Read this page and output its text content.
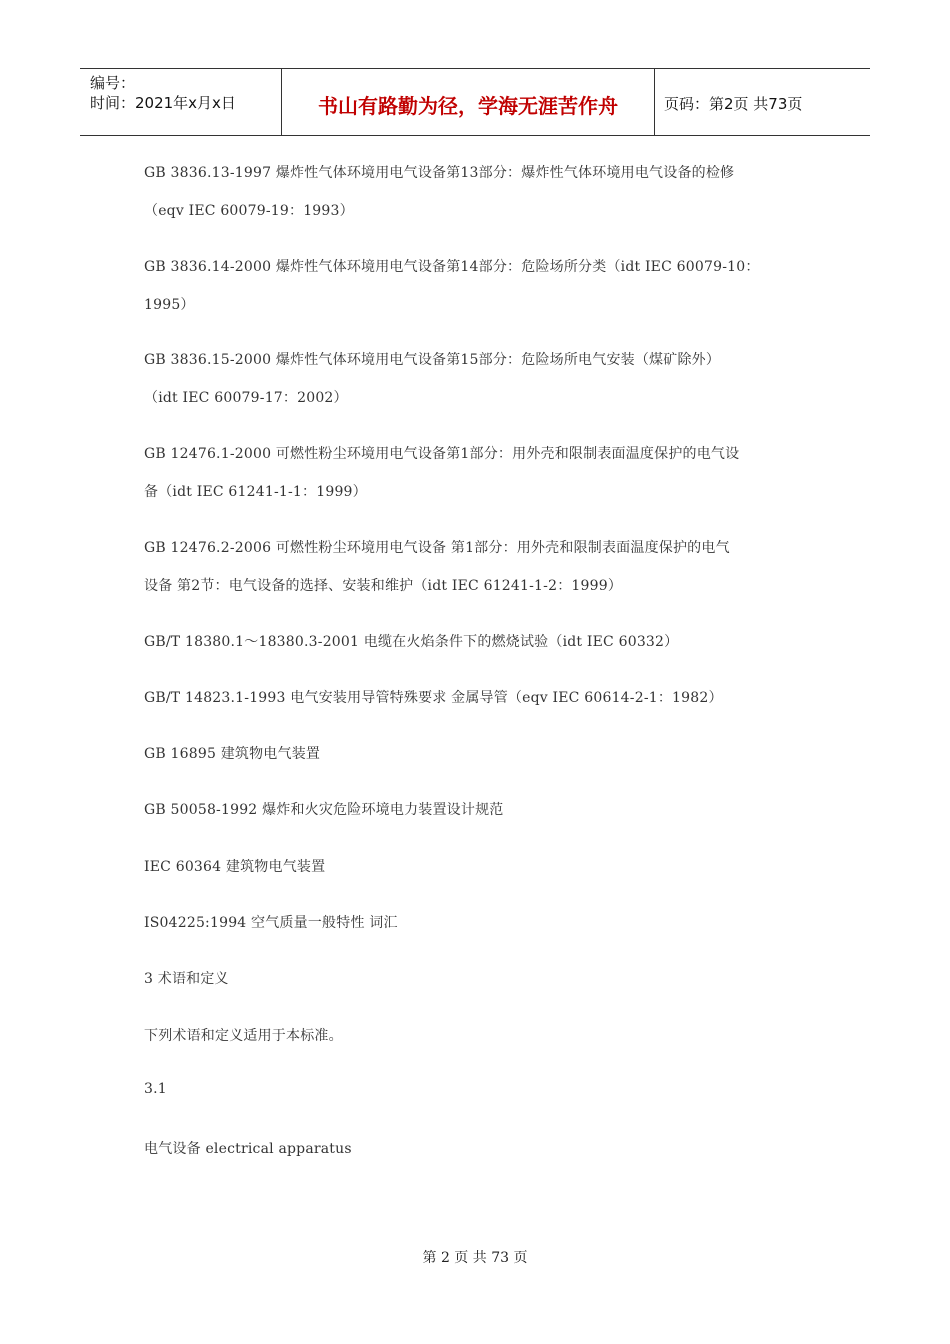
编号：
时间：2021年x月x日	书山有路勤为径，学海无涯苦作舟	页码：第2页 共73页
GB 3836.13-1997 爆炸性气体环境用电气设备第13部分：爆炸性气体环境用电气设备的检修
（eqv IEC 60079-19：1993）
GB 3836.14-2000 爆炸性气体环境用电气设备第14部分：危险场所分类（idt IEC 60079-10：
1995）
GB 3836.15-2000 爆炸性气体环境用电气设备第15部分：危险场所电气安装（煤矿除外）
（idt IEC 60079-17：2002）
GB 12476.1-2000 可燃性粉尘环境用电气设备第1部分：用外壳和限制表面温度保护的电气设
备（idt IEC 61241-1-1：1999）
GB 12476.2-2006 可燃性粉尘环境用电气设备 第1部分：用外壳和限制表面温度保护的电气
设备 第2节：电气设备的选择、安装和维护（idt IEC 61241-1-2：1999）
GB/T 18380.1～18380.3-2001 电缆在火焰条件下的燃烧试验（idt IEC 60332）
GB/T 14823.1-1993 电气安装用导管特殊要求 金属导管（eqv IEC 60614-2-1：1982）
GB 16895 建筑物电气装置
GB 50058-1992 爆炸和火灾危险环境电力装置设计规范
IEC 60364 建筑物电气装置
IS04225:1994 空气质量一般特性 词汇
3 术语和定义
下列术语和定义适用于本标准。
3.1
电气设备 electrical apparatus
第 2 页 共 73 页
